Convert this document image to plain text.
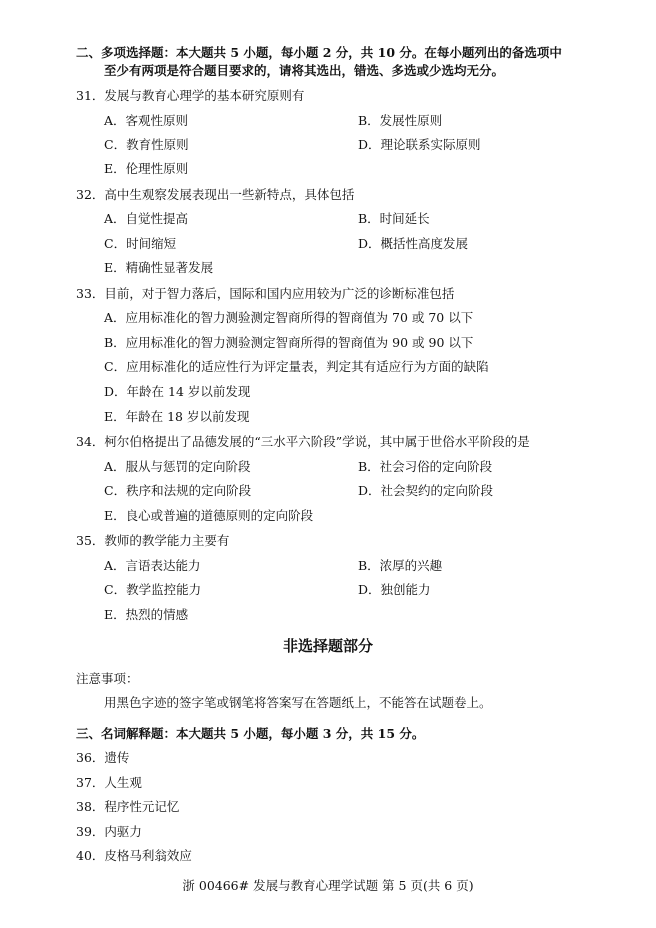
二、多项选择题：本大题共 5 小题，每小题 2 分，共 10 分。在每小题列出的备选项中
至少有两项是符合题目要求的，请将其选出，错选、多选或少选均无分。
31．发展与教育心理学的基本研究原则有
A．客观性原则	B．发展性原则
C．教育性原则	D．理论联系实际原则
E．伦理性原则
32．高中生观察发展表现出一些新特点，具体包括
A．自觉性提高	B．时间延长
C．时间缩短	D．概括性高度发展
E．精确性显著发展
33．目前，对于智力落后，国际和国内应用较为广泛的诊断标准包括
A．应用标准化的智力测验测定智商所得的智商值为 70 或 70 以下
B．应用标准化的智力测验测定智商所得的智商值为 90 或 90 以下
C．应用标准化的适应性行为评定量表，判定其有适应行为方面的缺陷
D．年龄在 14 岁以前发现
E．年龄在 18 岁以前发现
34．柯尔伯格提出了品德发展的“三水平六阶段”学说，其中属于世俗水平阶段的是
A．服从与惩罚的定向阶段	B．社会习俗的定向阶段
C．秩序和法规的定向阶段	D．社会契约的定向阶段
E．良心或普遍的道德原则的定向阶段
35．教师的教学能力主要有
A．言语表达能力	B．浓厚的兴趣
C．教学监控能力	D．独创能力
E．热烈的情感
非选择题部分
注意事项：
用黑色字迹的签字笔或钢笔将答案写在答题纸上，不能答在试题卷上。
三、名词解释题：本大题共 5 小题，每小题 3 分，共 15 分。
36．遗传
37．人生观
38．程序性元记忆
39．内驱力
40．皮格马利翁效应
浙 00466# 发展与教育心理学试题 第 5 页(共 6 页)
